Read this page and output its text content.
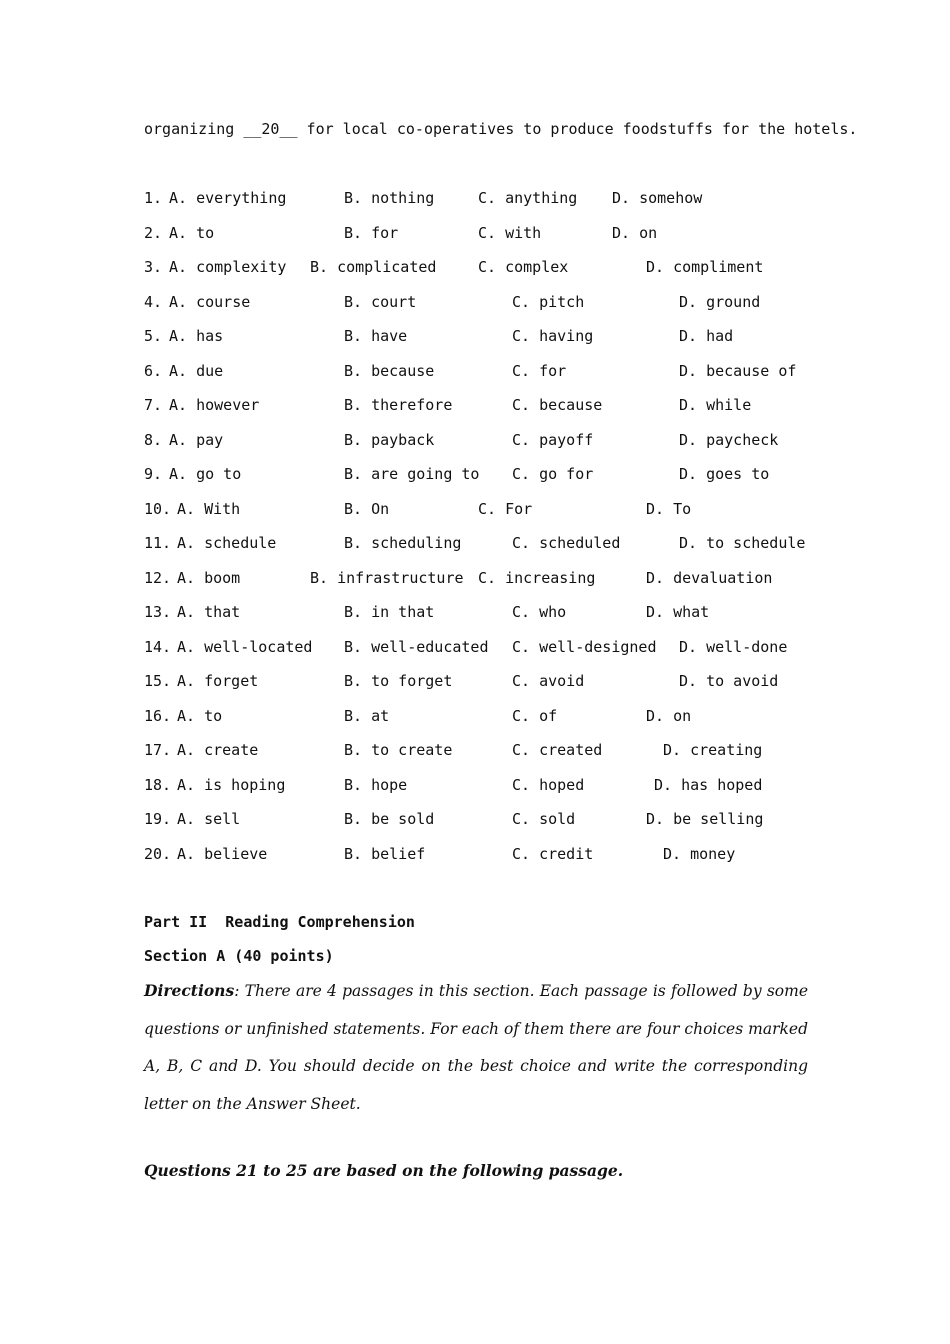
organizing __20__ for local co-operatives to produce foodstuffs for the hotels.
1. A. everything	B. nothing	C. anything D. somehow
2. A. to	B. for	C. with	D. on
3. A. complexity B. complicated	C. complex	D. compliment
4. A. course	B. court	C. pitch	D. ground
5. A. has	B. have	C. having	D. had
6. A. due	B. because	C. for	D. because of
7. A. however	B. therefore	C. because	D. while
8. A. pay	B. payback	C. payoff	D. paycheck
9. A. go to	B. are going to C. go for	D. goes to
10. A. With	B. On	C. For	D. To
11. A. schedule	B. scheduling	C. scheduled	D. to schedule
12. A. boom	B. infrastructure C. increasing	D. devaluation
13. A. that	B. in that	C. who	D. what
14. A. well-located B. well-educated C. well-designed D. well-done
15. A. forget	B. to forget	C. avoid	D. to avoid
16. A. to	B. at	C. of	D. on
17. A. create	B. to create	C. created	D. creating
18. A. is hoping	B. hope	C. hoped	D. has hoped
19. A. sell	B. be sold	C. sold	D. be selling
20. A. believe	B. belief	C. credit	D. money
Part II  Reading Comprehension
Section A (40 points)
Directions: There are 4 passages in this section. Each passage is followed by some questions or unfinished statements. For each of them there are four choices marked A, B, C and D. You should decide on the best choice and write the corresponding letter on the Answer Sheet.
Questions 21 to 25 are based on the following passage.
